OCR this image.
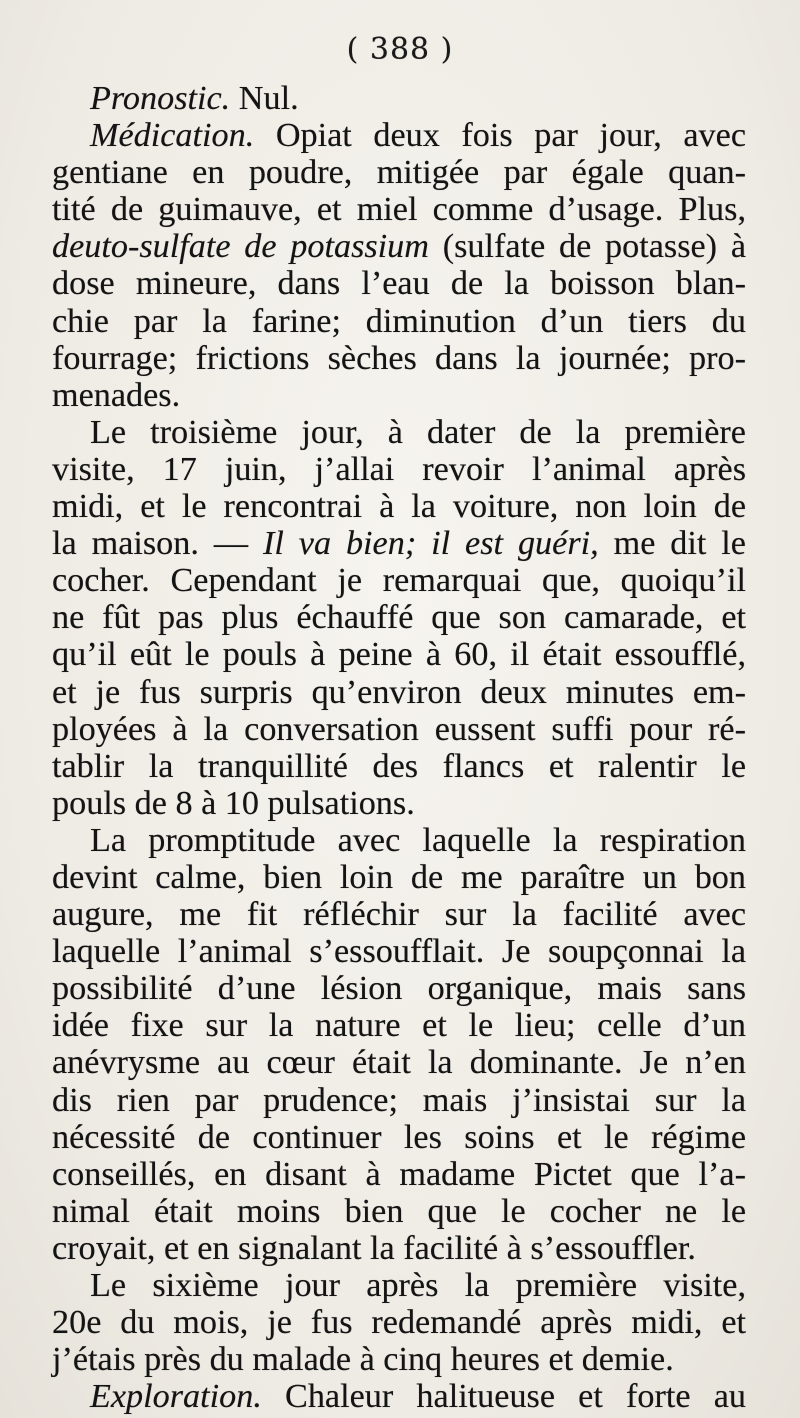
( 388 )
Pronostic. Nul.
Médication. Opiat deux fois par jour, avec
gentiane en poudre, mitigée par égale quan-
tité de guimauve, et miel comme d’usage. Plus,
deuto-sulfate de potassium (sulfate de potasse) à
dose mineure, dans l’eau de la boisson blan-
chie par la farine; diminution d’un tiers du
fourrage; frictions sèches dans la journée; pro-
menades.
Le troisième jour, à dater de la première
visite, 17 juin, j’allai revoir l’animal après
midi, et le rencontrai à la voiture, non loin de
la maison. — Il va bien; il est guéri, me dit le
cocher. Cependant je remarquai que, quoiqu’il
ne fût pas plus échauffé que son camarade, et
qu’il eût le pouls à peine à 60, il était essoufflé,
et je fus surpris qu’environ deux minutes em-
ployées à la conversation eussent suffi pour ré-
tablir la tranquillité des flancs et ralentir le
pouls de 8 à 10 pulsations.
La promptitude avec laquelle la respiration
devint calme, bien loin de me paraître un bon
augure, me fit réfléchir sur la facilité avec
laquelle l’animal s’essoufflait. Je soupçonnai la
possibilité d’une lésion organique, mais sans
idée fixe sur la nature et le lieu; celle d’un
anévrysme au cœur était la dominante. Je n’en
dis rien par prudence; mais j’insistai sur la
nécessité de continuer les soins et le régime
conseillés, en disant à madame Pictet que l’a-
nimal était moins bien que le cocher ne le
croyait, et en signalant la facilité à s’essouffler.
Le sixième jour après la première visite,
20e du mois, je fus redemandé après midi, et
j’étais près du malade à cinq heures et demie.
Exploration. Chaleur halitueuse et forte au
